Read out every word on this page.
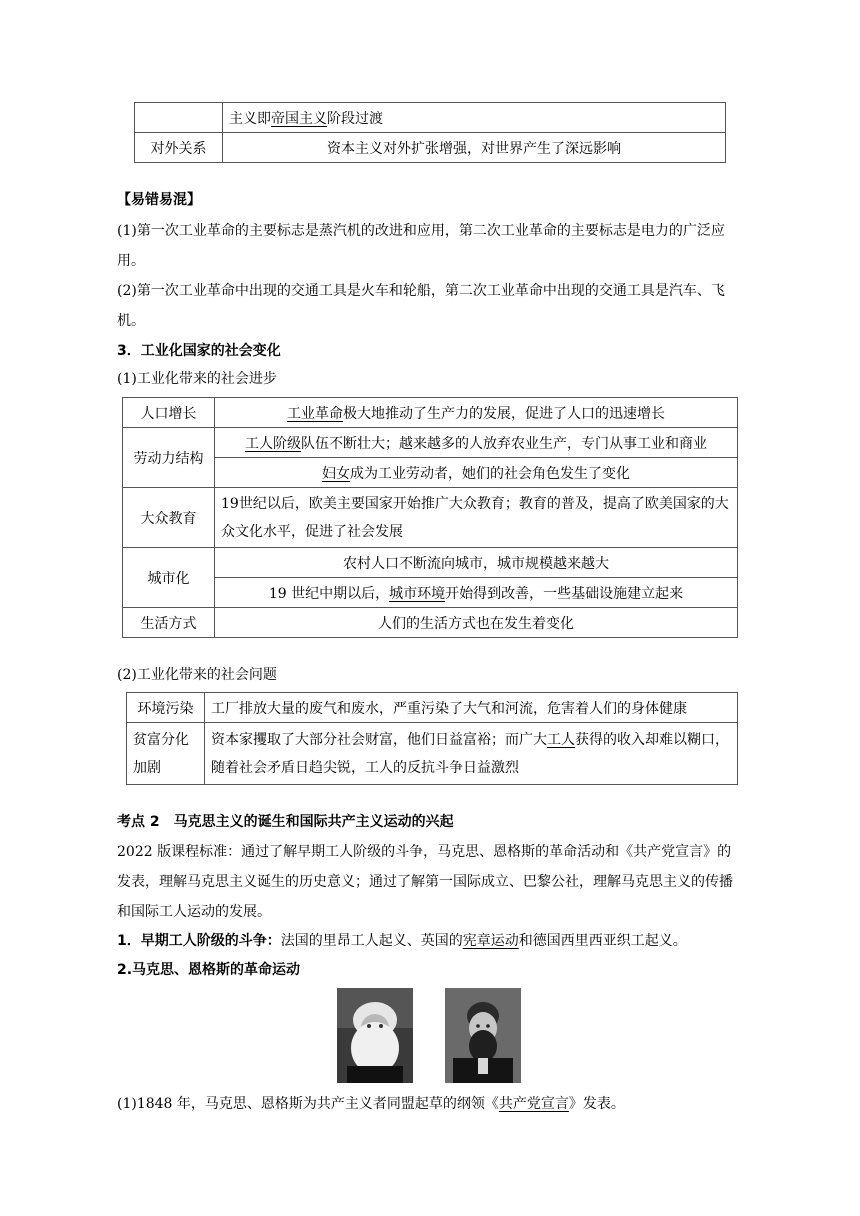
	主义即帝国主义阶段过渡
对外关系	资本主义对外扩张增强，对世界产生了深远影响

【易错易混】

(1)第一次工业革命的主要标志是蒸汽机的改进和应用，第二次工业革命的主要标志是电力的广泛应用。

(2)第一次工业革命中出现的交通工具是火车和轮船，第二次工业革命中出现的交通工具是汽车、飞机。

3．工业化国家的社会变化

(1)工业化带来的社会进步

人口增长	工业革命极大地推动了生产力的发展，促进了人口的迅速增长
劳动力结构	工人阶级队伍不断壮大；越来越多的人放弃农业生产，专门从事工业和商业
	妇女成为工业劳动者，她们的社会角色发生了变化
大众教育	19世纪以后，欧美主要国家开始推广大众教育；教育的普及，提高了欧美国家的大众文化水平，促进了社会发展
城市化	农村人口不断流向城市，城市规模越来越大
	19 世纪中期以后，城市环境开始得到改善，一些基础设施建立起来
生活方式	人们的生活方式也在发生着变化

(2)工业化带来的社会问题

环境污染	工厂排放大量的废气和废水，严重污染了大气和河流，危害着人们的身体健康
贫富分化加剧	资本家攫取了大部分社会财富，他们日益富裕；而广大工人获得的收入却难以糊口，随着社会矛盾日趋尖锐，工人的反抗斗争日益激烈

考点 2　马克思主义的诞生和国际共产主义运动的兴起

2022 版课程标准：通过了解早期工人阶级的斗争，马克思、恩格斯的革命活动和《共产党宣言》的发表，理解马克思主义诞生的历史意义；通过了解第一国际成立、巴黎公社，理解马克思主义的传播和国际工人运动的发展。

1．早期工人阶级的斗争：法国的里昂工人起义、英国的宪章运动和德国西里西亚织工起义。

2.马克思、恩格斯的革命运动

(1)1848 年，马克思、恩格斯为共产主义者同盟起草的纲领《共产党宣言》发表。
